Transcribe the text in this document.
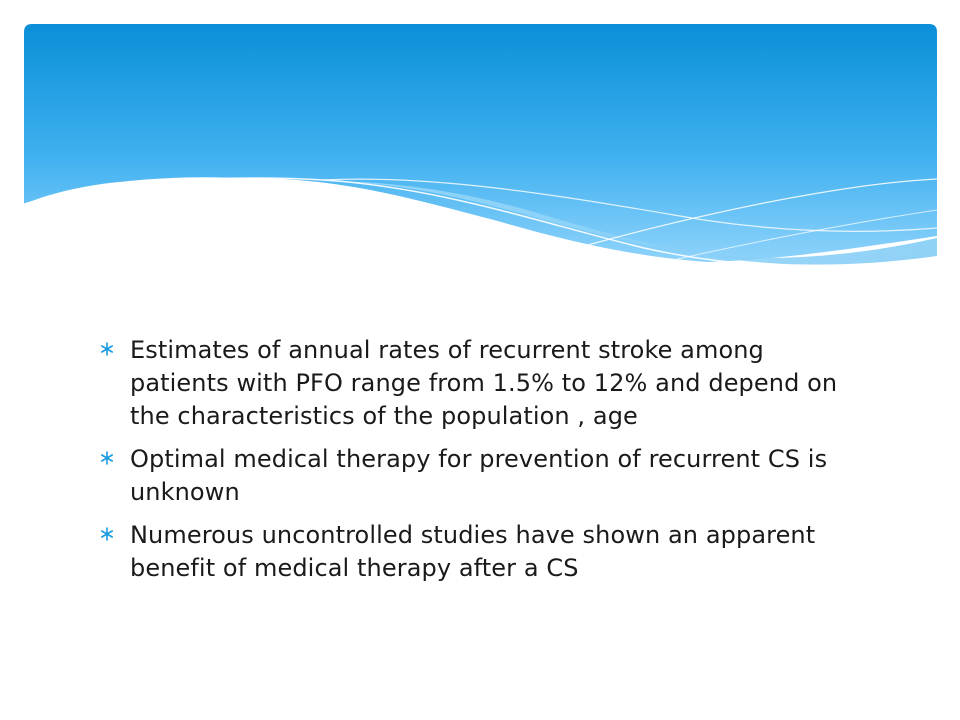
Estimates of annual rates of recurrent stroke among patients with PFO range from 1.5% to 12% and depend on the characteristics of the population , age
Optimal medical therapy for prevention of recurrent CS is unknown
Numerous uncontrolled studies have shown an apparent benefit of medical therapy after a CS
